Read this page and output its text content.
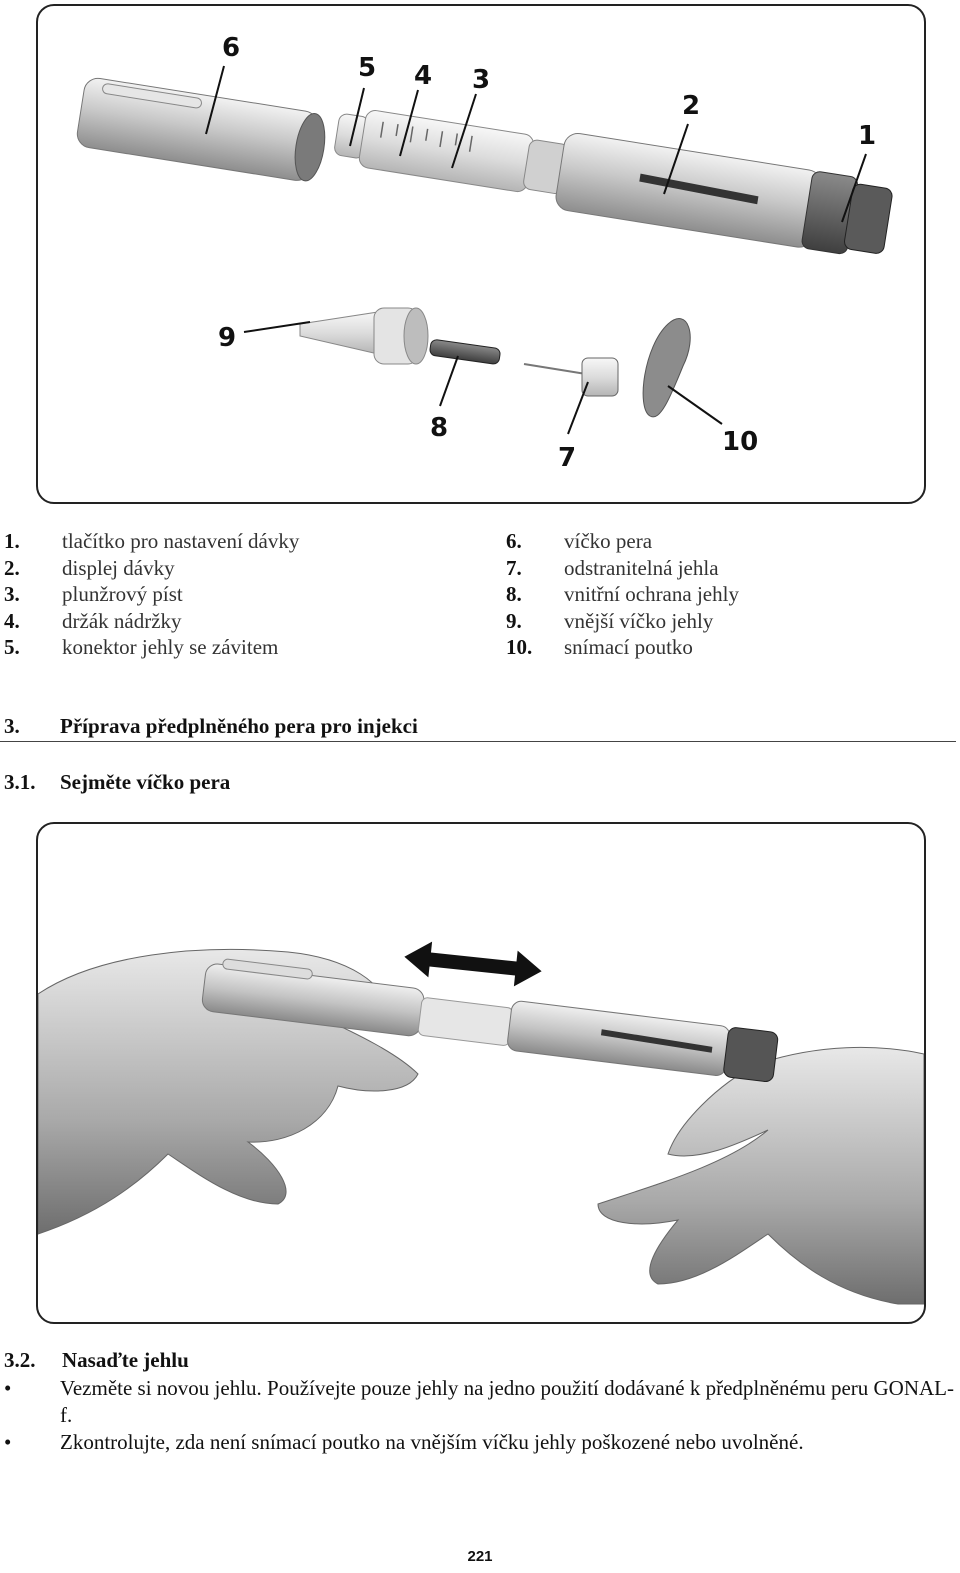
1
2
3
4
5
6
7
8
9
10
1.	tlačítko pro nastavení dávky
2.	displej dávky
3.	plunžrový píst
4.	držák nádržky
5.	konektor jehly se závitem
6.	víčko pera
7.	odstranitelná jehla
8.	vnitřní ochrana jehly
9.	vnější víčko jehly
10.	snímací poutko
3.	Příprava předplněného pera pro injekci
3.1.	Sejměte víčko pera
3.2.	Nasaďte jehlu
•	Vezměte si novou jehlu. Používejte pouze jehly na jedno použití dodávané k předplněnému peru GONAL-f.
•	Zkontrolujte, zda není snímací poutko na vnějším víčku jehly poškozené nebo uvolněné.
221
